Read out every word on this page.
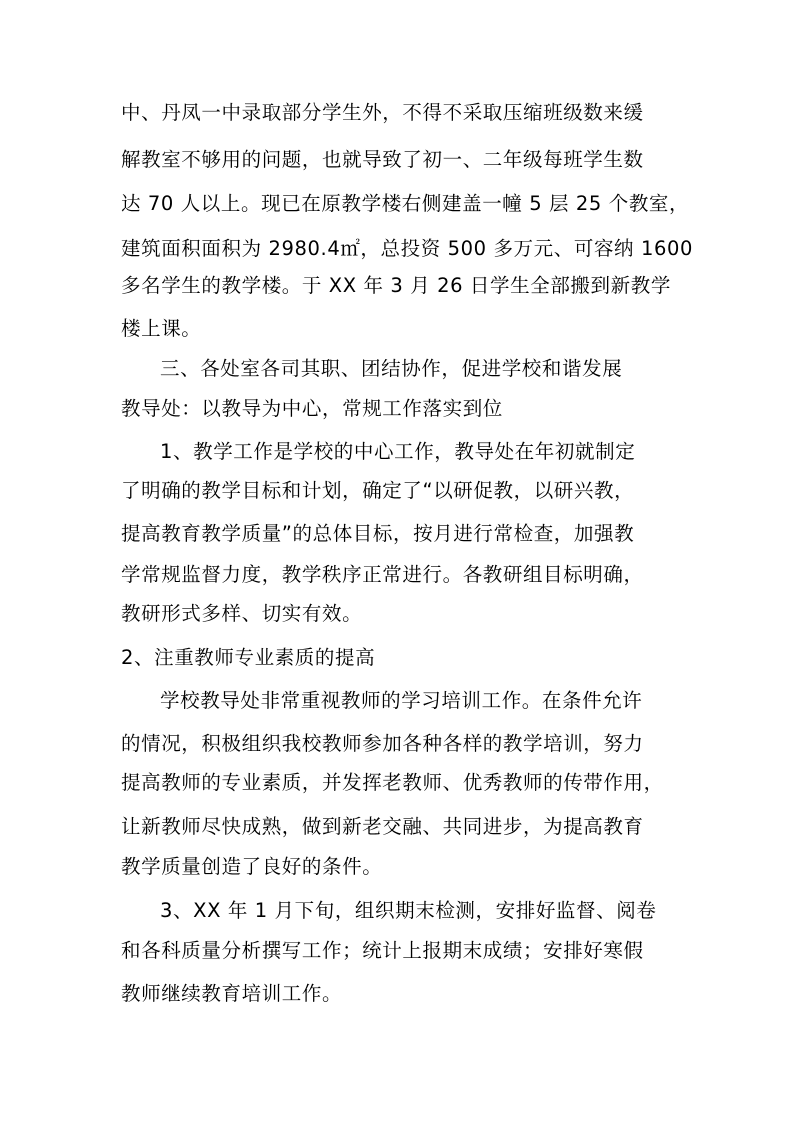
中、丹凤一中录取部分学生外，不得不采取压缩班级数来缓
解教室不够用的问题，也就导致了初一、二年级每班学生数
达 70 人以上。现已在原教学楼右侧建盖一幢 5 层 25 个教室，
建筑面积面积为 2980.4㎡，总投资 500 多万元、可容纳 1600
多名学生的教学楼。于 XX 年 3 月 26 日学生全部搬到新教学
楼上课。
三、各处室各司其职、团结协作，促进学校和谐发展
教导处：以教导为中心，常规工作落实到位
1、教学工作是学校的中心工作，教导处在年初就制定
了明确的教学目标和计划，确定了“以研促教，以研兴教，
提高教育教学质量”的总体目标，按月进行常检查，加强教
学常规监督力度，教学秩序正常进行。各教研组目标明确，
教研形式多样、切实有效。
2、注重教师专业素质的提高
学校教导处非常重视教师的学习培训工作。在条件允许
的情况，积极组织我校教师参加各种各样的教学培训，努力
提高教师的专业素质，并发挥老教师、优秀教师的传带作用，
让新教师尽快成熟，做到新老交融、共同进步，为提高教育
教学质量创造了良好的条件。
3、XX 年 1 月下旬，组织期末检测，安排好监督、阅卷
和各科质量分析撰写工作；统计上报期末成绩；安排好寒假
教师继续教育培训工作。
